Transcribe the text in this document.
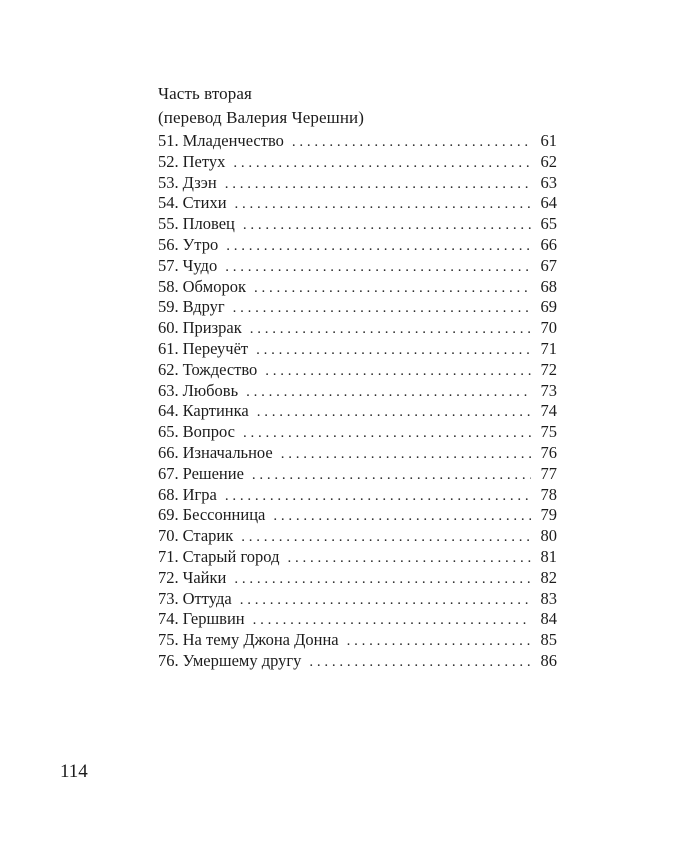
Часть вторая
(перевод Валерия Черешни)
51. Младенчество . . .	61
52. Петух . . .	62
53. Дзэн . . .	63
54. Стихи . . .	64
55. Пловец . . .	65
56. Утро . . .	66
57. Чудо . . .	67
58. Обморок . . .	68
59. Вдруг . . .	69
60. Призрак . . .	70
61. Переучёт . . .	71
62. Тождество . . .	72
63. Любовь . . .	73
64. Картинка . . .	74
65. Вопрос . . .	75
66. Изначальное . . .	76
67. Решение . . .	77
68. Игра . . .	78
69. Бессонница . . .	79
70. Старик . . .	80
71. Старый город . . .	81
72. Чайки . . .	82
73. Оттуда . . .	83
74. Гершвин . . .	84
75. На тему Джона Донна . . .	85
76. Умершему другу . . .	86
114
